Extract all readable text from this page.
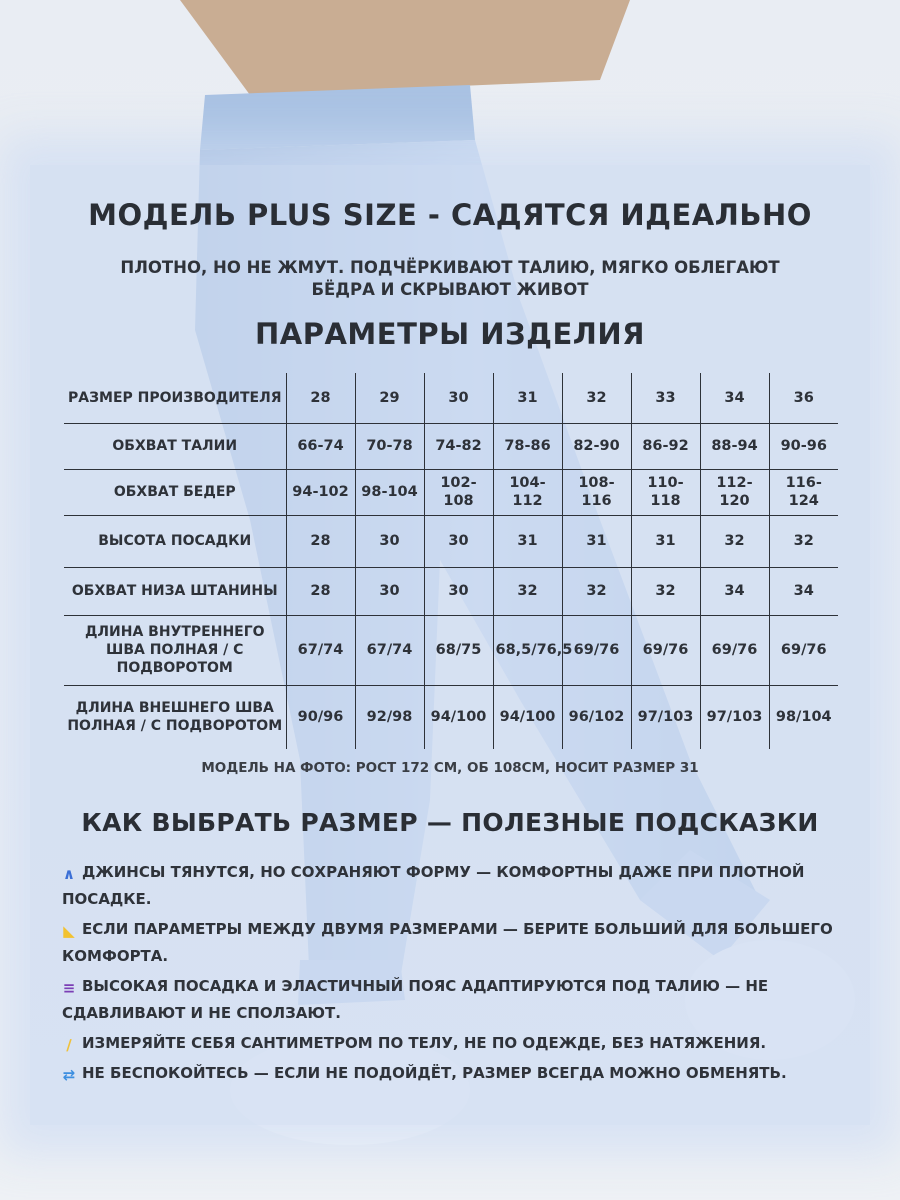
МОДЕЛЬ PLUS SIZE - САДЯТСЯ ИДЕАЛЬНО
ПЛОТНО, НО НЕ ЖМУТ. ПОДЧЁРКИВАЮТ ТАЛИЮ, МЯГКО ОБЛЕГАЮТ БЁДРА И СКРЫВАЮТ ЖИВОТ
ПАРАМЕТРЫ ИЗДЕЛИЯ
РАЗМЕР ПРОИЗВОДИТЕЛЯ	28	29	30	31	32	33	34	36
ОБХВАТ ТАЛИИ	66-74	70-78	74-82	78-86	82-90	86-92	88-94	90-96
ОБХВАТ БЕДЕР	94-102	98-104	102-108	104-112	108-116	110-118	112-120	116-124
ВЫСОТА ПОСАДКИ	28	30	30	31	31	31	32	32
ОБХВАТ НИЗА ШТАНИНЫ	28	30	30	32	32	32	34	34
ДЛИНА ВНУТРЕННЕГО ШВА ПОЛНАЯ / С ПОДВОРОТОМ	67/74	67/74	68/75	68,5/76,5	69/76	69/76	69/76	69/76
ДЛИНА ВНЕШНЕГО ШВА ПОЛНАЯ / С ПОДВОРОТОМ	90/96	92/98	94/100	94/100	96/102	97/103	97/103	98/104
МОДЕЛЬ НА ФОТО: РОСТ 172 СМ, ОБ 108СМ, НОСИТ РАЗМЕР 31
КАК ВЫБРАТЬ РАЗМЕР — ПОЛЕЗНЫЕ ПОДСКАЗКИ
∧ ДЖИНСЫ ТЯНУТСЯ, НО СОХРАНЯЮТ ФОРМУ — КОМФОРТНЫ ДАЖЕ ПРИ ПЛОТНОЙ ПОСАДКЕ.
◣ ЕСЛИ ПАРАМЕТРЫ МЕЖДУ ДВУМЯ РАЗМЕРАМИ — БЕРИТЕ БОЛЬШИЙ ДЛЯ БОЛЬШЕГО КОМФОРТА.
≡ ВЫСОКАЯ ПОСАДКА И ЭЛАСТИЧНЫЙ ПОЯС АДАПТИРУЮТСЯ ПОД ТАЛИЮ — НЕ СДАВЛИВАЮТ И НЕ СПОЛЗАЮТ.
∕ ИЗМЕРЯЙТЕ СЕБЯ САНТИМЕТРОМ ПО ТЕЛУ, НЕ ПО ОДЕЖДЕ, БЕЗ НАТЯЖЕНИЯ.
⇄ НЕ БЕСПОКОЙТЕСЬ — ЕСЛИ НЕ ПОДОЙДЁТ, РАЗМЕР ВСЕГДА МОЖНО ОБМЕНЯТЬ.
